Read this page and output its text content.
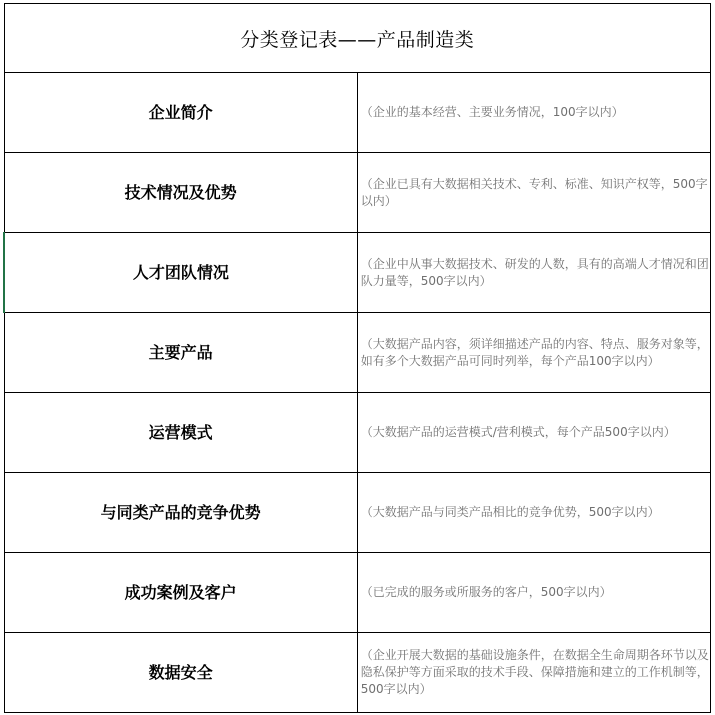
分类登记表——产品制造类	
企业简介	（企业的基本经营、主要业务情况，100字以内）

技术情况及优势	（企业已具有大数据相关技术、专利、标准、知识产权等，500字以内）

人才团队情况	（企业中从事大数据技术、研发的人数，具有的高端人才情况和团队力量等，500字以内）

主要产品	（大数据产品内容，须详细描述产品的内容、特点、服务对象等，如有多个大数据产品可同时列举，每个产品100字以内）

运营模式	（大数据产品的运营模式/营利模式，每个产品500字以内）

与同类产品的竞争优势	（大数据产品与同类产品相比的竞争优势，500字以内）

成功案例及客户	（已完成的服务或所服务的客户，500字以内）

数据安全	（企业开展大数据的基础设施条件，在数据全生命周期各环节以及隐私保护等方面采取的技术手段、保障措施和建立的工作机制等，500字以内）
